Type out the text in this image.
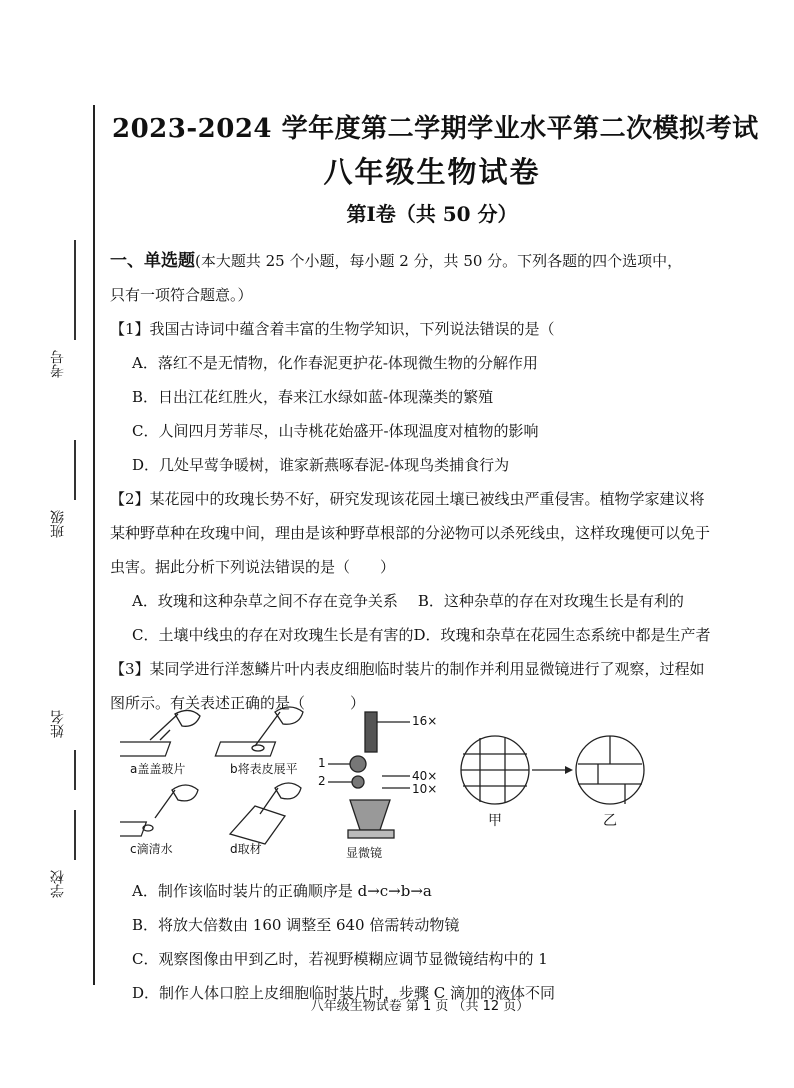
考号
班级
姓名
学校
2023-2024 学年度第二学期学业水平第二次模拟考试
八年级生物试卷
第I卷（共 50 分）
一、单选题(本大题共 25 个小题，每小题 2 分，共 50 分。下列各题的四个选项中，
只有一项符合题意。）
【1】我国古诗词中蕴含着丰富的生物学知识，下列说法错误的是（
A．落红不是无情物，化作春泥更护花-体现微生物的分解作用
B．日出江花红胜火，春来江水绿如蓝-体现藻类的繁殖
C．人间四月芳菲尽，山寺桃花始盛开-体现温度对植物的影响
D．几处早莺争暖树，谁家新燕啄春泥-体现鸟类捕食行为
【2】某花园中的玫瑰长势不好，研究发现该花园土壤已被线虫严重侵害。植物学家建议将
某种野草种在玫瑰中间，理由是该种野草根部的分泌物可以杀死线虫，这样玫瑰便可以免于
虫害。据此分析下列说法错误的是（　　）
A．玫瑰和这种杂草之间不存在竞争关系 B．这种杂草的存在对玫瑰生长是有利的
C．土壤中线虫的存在对玫瑰生长是有害的D．玫瑰和杂草在花园生态系统中都是生产者
【3】某同学进行洋葱鳞片叶内表皮细胞临时装片的制作并利用显微镜进行了观察，过程如
图所示。有关表述正确的是（　　　）
A．制作该临时装片的正确顺序是 d→c→b→a
B．将放大倍数由 160 调整至 640 倍需转动物镜
C．观察图像由甲到乙时，若视野模糊应调节显微镜结构中的 1
D．制作人体口腔上皮细胞临时装片时，步骤 C 滴加的液体不同
a盖盖玻片	b将表皮展平
c滴清水	d取材	显微镜
16×
40×
10×
1
2
甲	乙
八年级生物试卷 第 1 页 （共 12 页）
